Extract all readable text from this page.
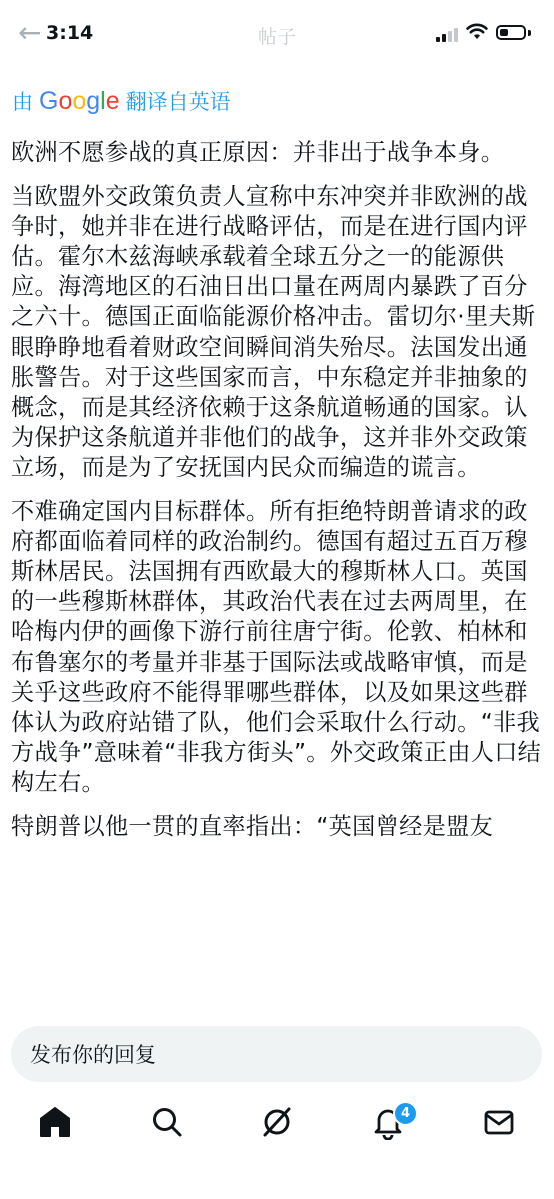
帖子
← 3:14
由 Google 翻译自英语

欧洲不愿参战的真正原因：并非出于战争本身。

当欧盟外交政策负责人宣称中东冲突并非欧洲的战争时，她并非在进行战略评估，而是在进行国内评估。霍尔木兹海峡承载着全球五分之一的能源供应。海湾地区的石油日出口量在两周内暴跌了百分之六十。德国正面临能源价格冲击。雷切尔·里夫斯眼睁睁地看着财政空间瞬间消失殆尽。法国发出通胀警告。对于这些国家而言，中东稳定并非抽象的概念，而是其经济依赖于这条航道畅通的国家。认为保护这条航道并非他们的战争，这并非外交政策立场，而是为了安抚国内民众而编造的谎言。

不难确定国内目标群体。所有拒绝特朗普请求的政府都面临着同样的政治制约。德国有超过五百万穆斯林居民。法国拥有西欧最大的穆斯林人口。英国的一些穆斯林群体，其政治代表在过去两周里，在哈梅内伊的画像下游行前往唐宁街。伦敦、柏林和布鲁塞尔的考量并非基于国际法或战略审慎，而是关乎这些政府不能得罪哪些群体，以及如果这些群体认为政府站错了队，他们会采取什么行动。“非我方战争”意味着“非我方街头”。外交政策正由人口结构左右。

特朗普以他一贯的直率指出：“英国曾经是盟友

发布你的回复
4
